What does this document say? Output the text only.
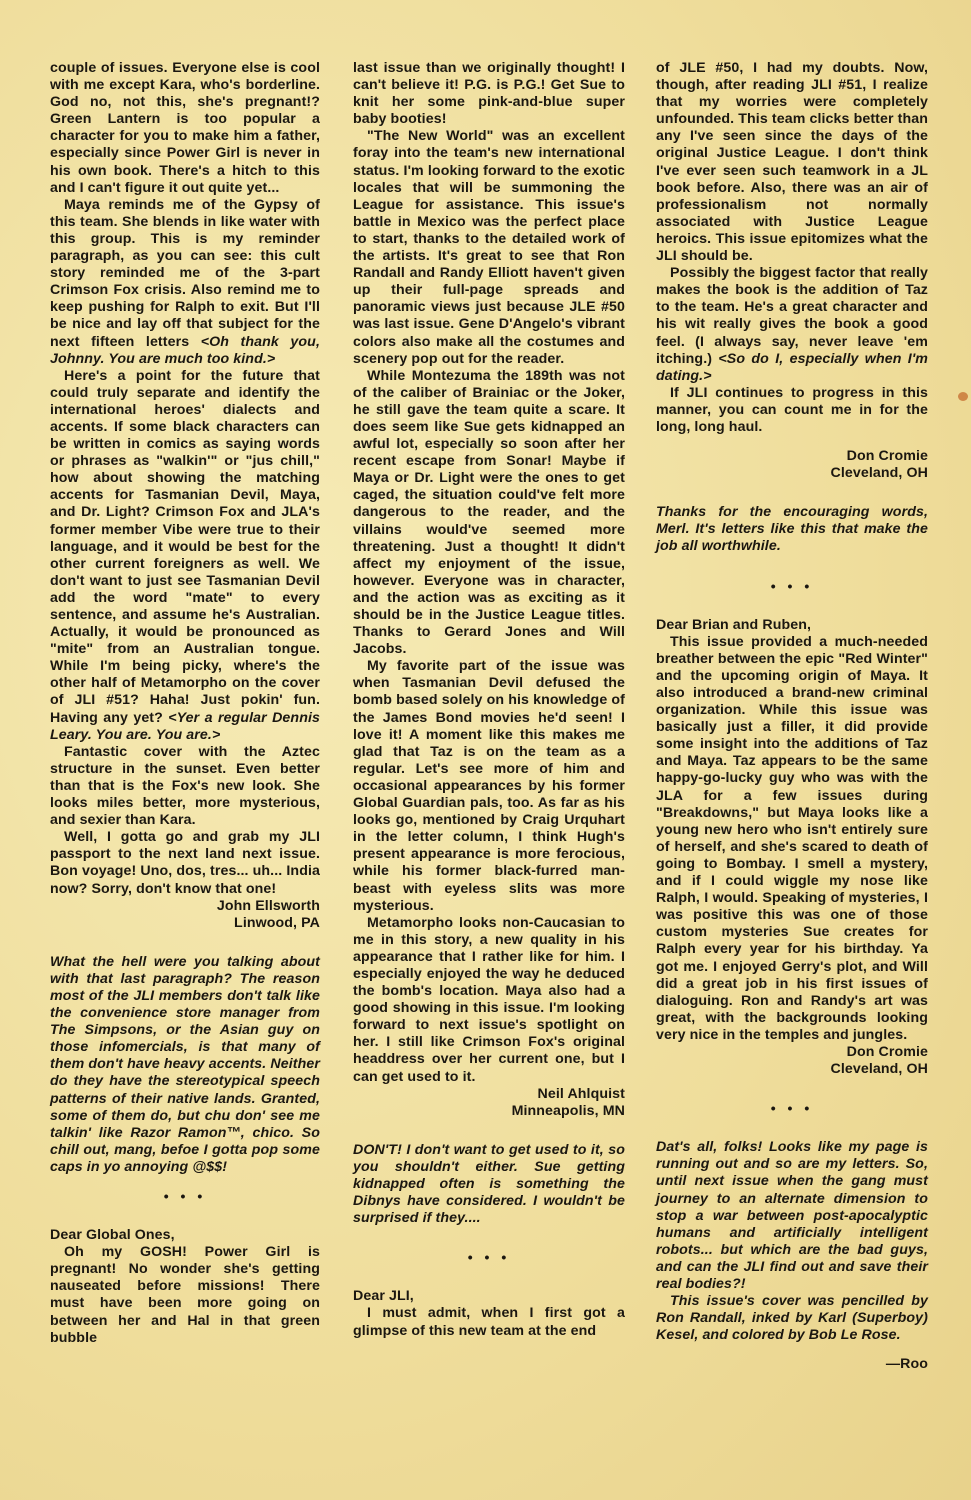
couple of issues. Everyone else is cool with me except Kara, who's borderline. God no, not this, she's pregnant!? Green Lantern is too popular a character for you to make him a father, especially since Power Girl is never in his own book. There's a hitch to this and I can't figure it out quite yet...

Maya reminds me of the Gypsy of this team. She blends in like water with this group. This is my reminder paragraph, as you can see: this cult story reminded me of the 3-part Crimson Fox crisis. Also remind me to keep pushing for Ralph to exit. But I'll be nice and lay off that subject for the next fifteen letters <Oh thank you, Johnny. You are much too kind.>

Here's a point for the future that could truly separate and identify the international heroes' dialects and accents. If some black characters can be written in comics as saying words or phrases as "walkin'" or "jus chill," how about showing the matching accents for Tasmanian Devil, Maya, and Dr. Light? Crimson Fox and JLA's former member Vibe were true to their language, and it would be best for the other current foreigners as well. We don't want to just see Tasmanian Devil add the word "mate" to every sentence, and assume he's Australian. Actually, it would be pronounced as "mite" from an Australian tongue. While I'm being picky, where's the other half of Metamorpho on the cover of JLI #51? Haha! Just pokin' fun. Having any yet? <Yer a regular Dennis Leary. You are. You are.>

Fantastic cover with the Aztec structure in the sunset. Even better than that is the Fox's new look. She looks miles better, more mysterious, and sexier than Kara.

Well, I gotta go and grab my JLI passport to the next land next issue. Bon voyage! Uno, dos, tres... uh... India now? Sorry, don't know that one!

John Ellsworth

Linwood, PA

What the hell were you talking about with that last paragraph? The reason most of the JLI members don't talk like the convenience store manager from The Simpsons, or the Asian guy on those infomercials, is that many of them don't have heavy accents. Neither do they have the stereotypical speech patterns of their native lands. Granted, some of them do, but chu don' see me talkin' like Razor Ramon™, chico. So chill out, mang, befoe I gotta pop some caps in yo annoying @$$!

• • •

Dear Global Ones,

Oh my GOSH! Power Girl is pregnant! No wonder she's getting nauseated before missions! There must have been more going on between her and Hal in that green bubble

last issue than we originally thought! I can't believe it! P.G. is P.G.! Get Sue to knit her some pink-and-blue super baby booties!

"The New World" was an excellent foray into the team's new international status. I'm looking forward to the exotic locales that will be summoning the League for assistance. This issue's battle in Mexico was the perfect place to start, thanks to the detailed work of the artists. It's great to see that Ron Randall and Randy Elliott haven't given up their full-page spreads and panoramic views just because JLE #50 was last issue. Gene D'Angelo's vibrant colors also make all the costumes and scenery pop out for the reader.

While Montezuma the 189th was not of the caliber of Brainiac or the Joker, he still gave the team quite a scare. It does seem like Sue gets kidnapped an awful lot, especially so soon after her recent escape from Sonar! Maybe if Maya or Dr. Light were the ones to get caged, the situation could've felt more dangerous to the reader, and the villains would've seemed more threatening. Just a thought! It didn't affect my enjoyment of the issue, however. Everyone was in character, and the action was as exciting as it should be in the Justice League titles. Thanks to Gerard Jones and Will Jacobs.

My favorite part of the issue was when Tasmanian Devil defused the bomb based solely on his knowledge of the James Bond movies he'd seen! I love it! A moment like this makes me glad that Taz is on the team as a regular. Let's see more of him and occasional appearances by his former Global Guardian pals, too. As far as his looks go, mentioned by Craig Urquhart in the letter column, I think Hugh's present appearance is more ferocious, while his former black-furred man-beast with eyeless slits was more mysterious.

Metamorpho looks non-Caucasian to me in this story, a new quality in his appearance that I rather like for him. I especially enjoyed the way he deduced the bomb's location. Maya also had a good showing in this issue. I'm looking forward to next issue's spotlight on her. I still like Crimson Fox's original headdress over her current one, but I can get used to it.

Neil Ahlquist

Minneapolis, MN

DON'T! I don't want to get used to it, so you shouldn't either. Sue getting kidnapped often is something the Dibnys have considered. I wouldn't be surprised if they....

• • •

Dear JLI,

I must admit, when I first got a glimpse of this new team at the end

of JLE #50, I had my doubts. Now, though, after reading JLI #51, I realize that my worries were completely unfounded. This team clicks better than any I've seen since the days of the original Justice League. I don't think I've ever seen such teamwork in a JL book before. Also, there was an air of professionalism not normally associated with Justice League heroics. This issue epitomizes what the JLI should be.

Possibly the biggest factor that really makes the book is the addition of Taz to the team. He's a great character and his wit really gives the book a good feel. (I always say, never leave 'em itching.) <So do I, especially when I'm dating.>

If JLI continues to progress in this manner, you can count me in for the long, long haul.

Don Cromie

Cleveland, OH

Thanks for the encouraging words, Merl. It's letters like this that make the job all worthwhile.

• • •

Dear Brian and Ruben,

This issue provided a much-needed breather between the epic "Red Winter" and the upcoming origin of Maya. It also introduced a brand-new criminal organization. While this issue was basically just a filler, it did provide some insight into the additions of Taz and Maya. Taz appears to be the same happy-go-lucky guy who was with the JLA for a few issues during "Breakdowns," but Maya looks like a young new hero who isn't entirely sure of herself, and she's scared to death of going to Bombay. I smell a mystery, and if I could wiggle my nose like Ralph, I would. Speaking of mysteries, I was positive this was one of those custom mysteries Sue creates for Ralph every year for his birthday. Ya got me. I enjoyed Gerry's plot, and Will did a great job in his first issues of dialoguing. Ron and Randy's art was great, with the backgrounds looking very nice in the temples and jungles.

Don Cromie

Cleveland, OH

• • •

Dat's all, folks! Looks like my page is running out and so are my letters. So, until next issue when the gang must journey to an alternate dimension to stop a war between post-apocalyptic humans and artificially intelligent robots... but which are the bad guys, and can the JLI find out and save their real bodies?!

This issue's cover was pencilled by Ron Randall, inked by Karl (Superboy) Kesel, and colored by Bob Le Rose.

—Roo
